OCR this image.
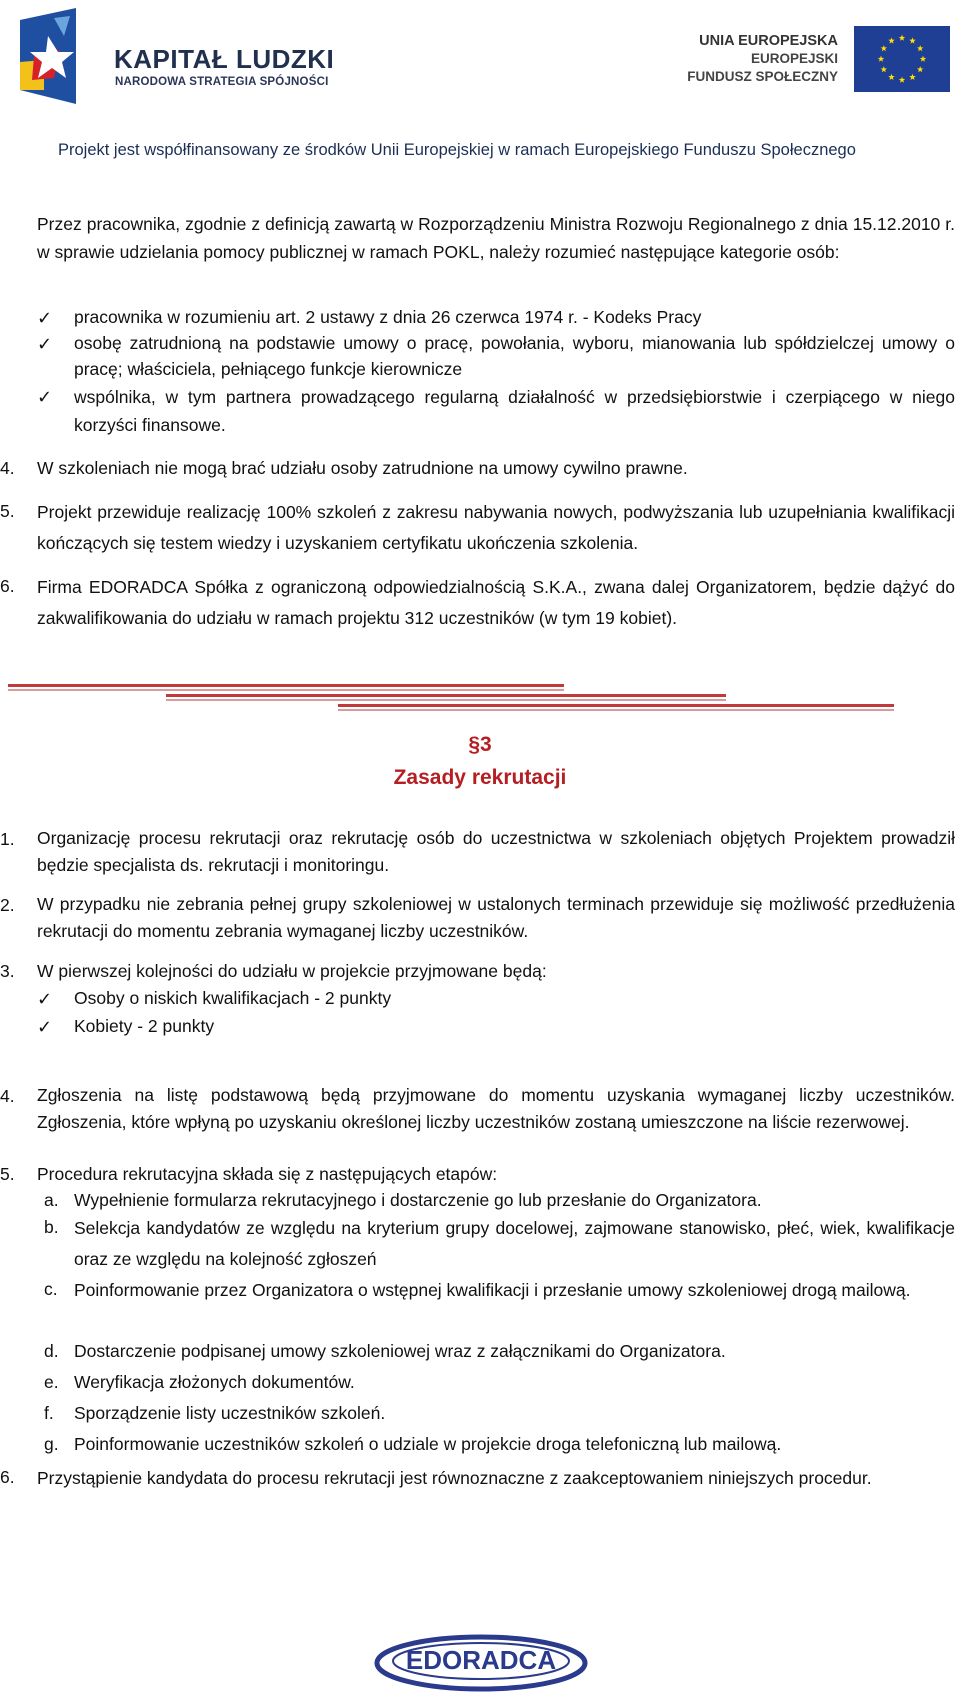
KAPITAŁ LUDZKI
NARODOWA STRATEGIA SPÓJNOŚCI
UNIA EUROPEJSKA
EUROPEJSKI
FUNDUSZ SPOŁECZNY
Projekt jest współfinansowany ze środków Unii Europejskiej w ramach Europejskiego Funduszu Społecznego
Przez pracownika, zgodnie z definicją zawartą w Rozporządzeniu Ministra Rozwoju Regionalnego z dnia 15.12.2010 r. w sprawie udzielania pomocy publicznej w ramach POKL, należy rozumieć następujące kategorie osób:
✓ pracownika w rozumieniu art. 2 ustawy z dnia 26 czerwca 1974 r. - Kodeks Pracy
✓ osobę zatrudnioną na podstawie umowy o pracę, powołania, wyboru, mianowania lub spółdzielczej umowy o pracę; właściciela, pełniącego funkcje kierownicze
✓ wspólnika, w tym partnera prowadzącego regularną działalność w przedsiębiorstwie i czerpiącego w niego korzyści finansowe.
4.	W szkoleniach nie mogą brać udziału osoby zatrudnione na umowy cywilno prawne.
5.	Projekt przewiduje realizację 100% szkoleń z zakresu nabywania nowych, podwyższania lub uzupełniania kwalifikacji kończących się testem wiedzy i uzyskaniem certyfikatu ukończenia szkolenia.
6.	Firma EDORADCA Spółka z ograniczoną odpowiedzialnością S.K.A., zwana dalej Organizatorem, będzie dążyć do zakwalifikowania do udziału w ramach projektu 312 uczestników (w tym 19 kobiet).
§3
Zasady rekrutacji
1.	Organizację procesu rekrutacji oraz rekrutację osób do uczestnictwa w szkoleniach objętych Projektem prowadził będzie specjalista ds. rekrutacji i monitoringu.
2.	W przypadku nie zebrania pełnej grupy szkoleniowej w ustalonych terminach przewiduje się możliwość przedłużenia rekrutacji do momentu zebrania wymaganej liczby uczestników.
3.	W pierwszej kolejności do udziału w projekcie przyjmowane będą:
✓ Osoby o niskich kwalifikacjach - 2 punkty
✓ Kobiety - 2 punkty
4.	Zgłoszenia na listę podstawową będą przyjmowane do momentu uzyskania wymaganej liczby uczestników. Zgłoszenia, które wpłyną po uzyskaniu określonej liczby uczestników zostaną umieszczone na liście rezerwowej.
5.	Procedura rekrutacyjna składa się z następujących etapów:
a. Wypełnienie formularza rekrutacyjnego i dostarczenie go lub przesłanie do Organizatora.
b. Selekcja kandydatów ze względu na kryterium grupy docelowej, zajmowane stanowisko, płeć, wiek, kwalifikacje oraz ze względu na kolejność zgłoszeń
c. Poinformowanie przez Organizatora o wstępnej kwalifikacji i przesłanie umowy szkoleniowej drogą mailową.
d. Dostarczenie podpisanej umowy szkoleniowej wraz z załącznikami do Organizatora.
e. Weryfikacja złożonych dokumentów.
f.	Sporządzenie listy uczestników szkoleń.
g. Poinformowanie uczestników szkoleń o udziale w projekcie droga telefoniczną lub mailową.
6.	Przystąpienie kandydata do procesu rekrutacji jest równoznaczne z zaakceptowaniem niniejszych procedur.
EDORADCA
